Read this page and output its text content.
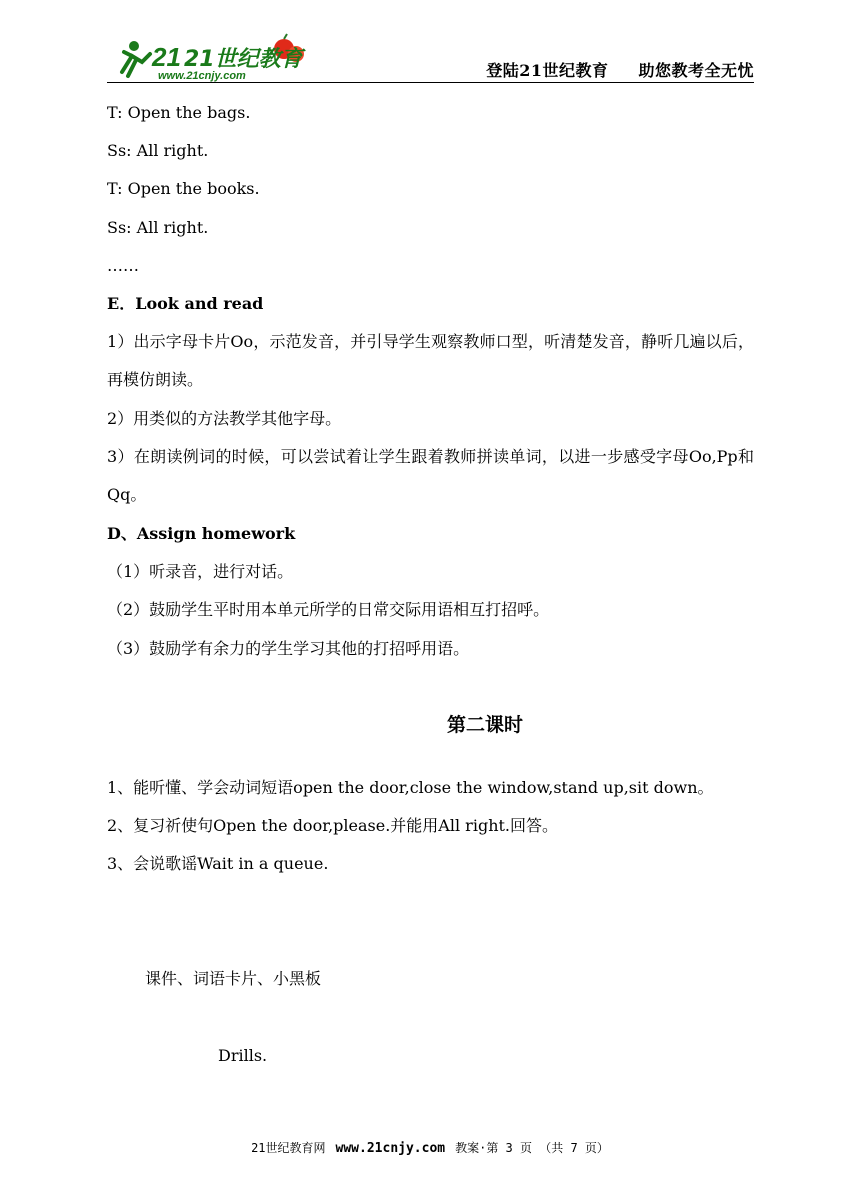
21 21世纪教育
www.21cnjy.com	登陆21世纪教育 助您教考全无忧
T: Open the bags.
Ss: All right.
T: Open the books.
Ss: All right.
……
E．Look and read
1）出示字母卡片Oo，示范发音，并引导学生观察教师口型，听清楚发音，静听几遍以后，再模仿朗读。
2）用类似的方法教学其他字母。
3）在朗读例词的时候，可以尝试着让学生跟着教师拼读单词，以进一步感受字母Oo,Pp和Qq。
D、Assign homework
（1）听录音，进行对话。
（2）鼓励学生平时用本单元所学的日常交际用语相互打招呼。
（3）鼓励学有余力的学生学习其他的打招呼用语。
第二课时
1、能听懂、学会动词短语open the door,close the window,stand up,sit down。
2、复习祈使句Open the door,please.并能用All right.回答。
3、会说歌谣Wait in a queue.
课件、词语卡片、小黑板
Drills.
21世纪教育网 www.21cnjy.com 教案·第 3 页 （共 7 页）
